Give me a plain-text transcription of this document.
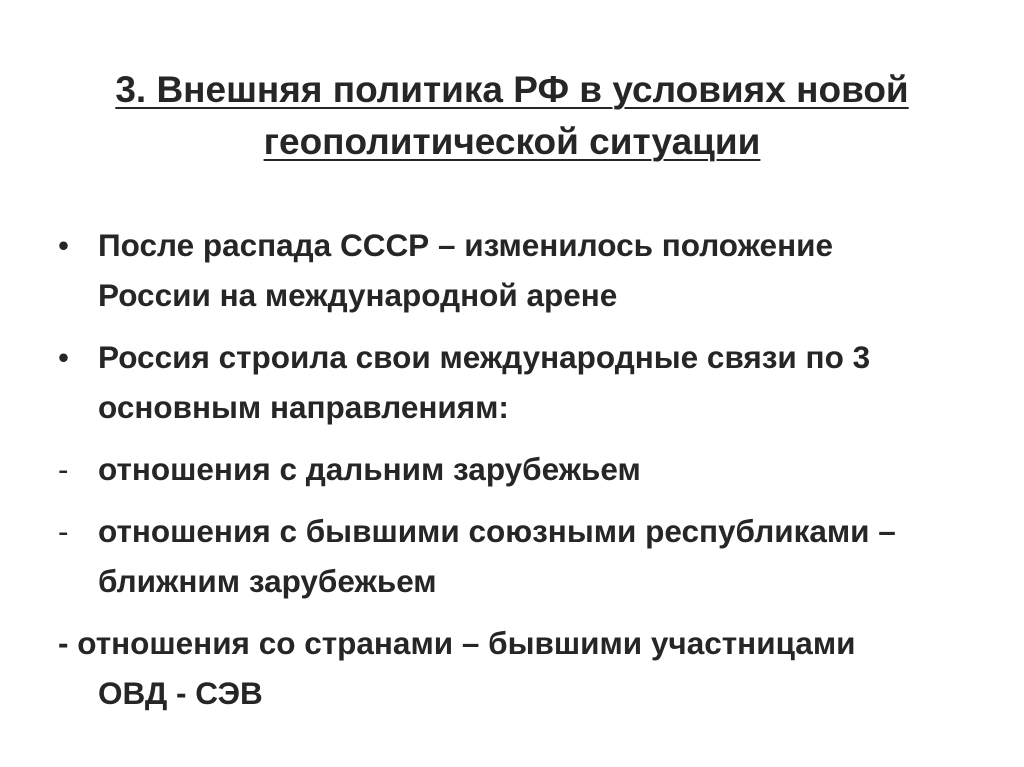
3. Внешняя политика РФ в условиях новой
геополитической ситуации
• После распада СССР – изменилось положение
России на международной арене
• Россия строила свои международные связи по 3
основным направлениям:
- отношения с дальним зарубежьем
- отношения с бывшими союзными республиками –
ближним зарубежьем
- отношения со странами – бывшими участницами
ОВД - СЭВ
